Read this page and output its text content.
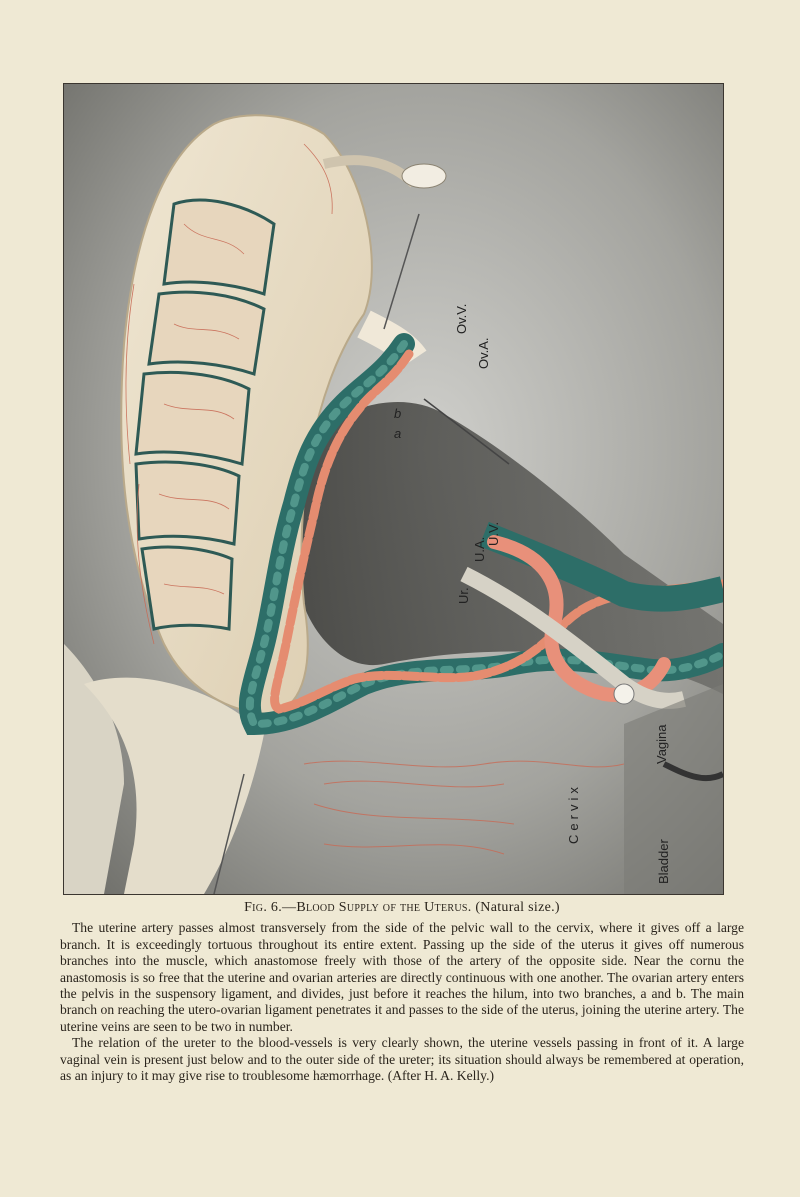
Ov.V.
Ov.A.
a
b
Ur.
U.A.
U.V.
Cervix
Vagina
Bladder

Fig. 6.—Blood Supply of the Uterus. (Natural size.)

The uterine artery passes almost transversely from the side of the pelvic wall to the cervix, where it gives off a large branch. It is exceedingly tortuous throughout its entire extent. Passing up the side of the uterus it gives off numerous branches into the muscle, which anastomose freely with those of the artery of the opposite side. Near the cornu the anastomosis is so free that the uterine and ovarian arteries are directly continuous with one another. The ovarian artery enters the pelvis in the suspensory ligament, and divides, just before it reaches the hilum, into two branches, a and b. The main branch on reaching the utero-ovarian ligament penetrates it and passes to the side of the uterus, joining the uterine artery. The uterine veins are seen to be two in number.

The relation of the ureter to the blood-vessels is very clearly shown, the uterine vessels passing in front of it. A large vaginal vein is present just below and to the outer side of the ureter; its situation should always be remembered at operation, as an injury to it may give rise to troublesome hæmorrhage. (After H. A. Kelly.)
